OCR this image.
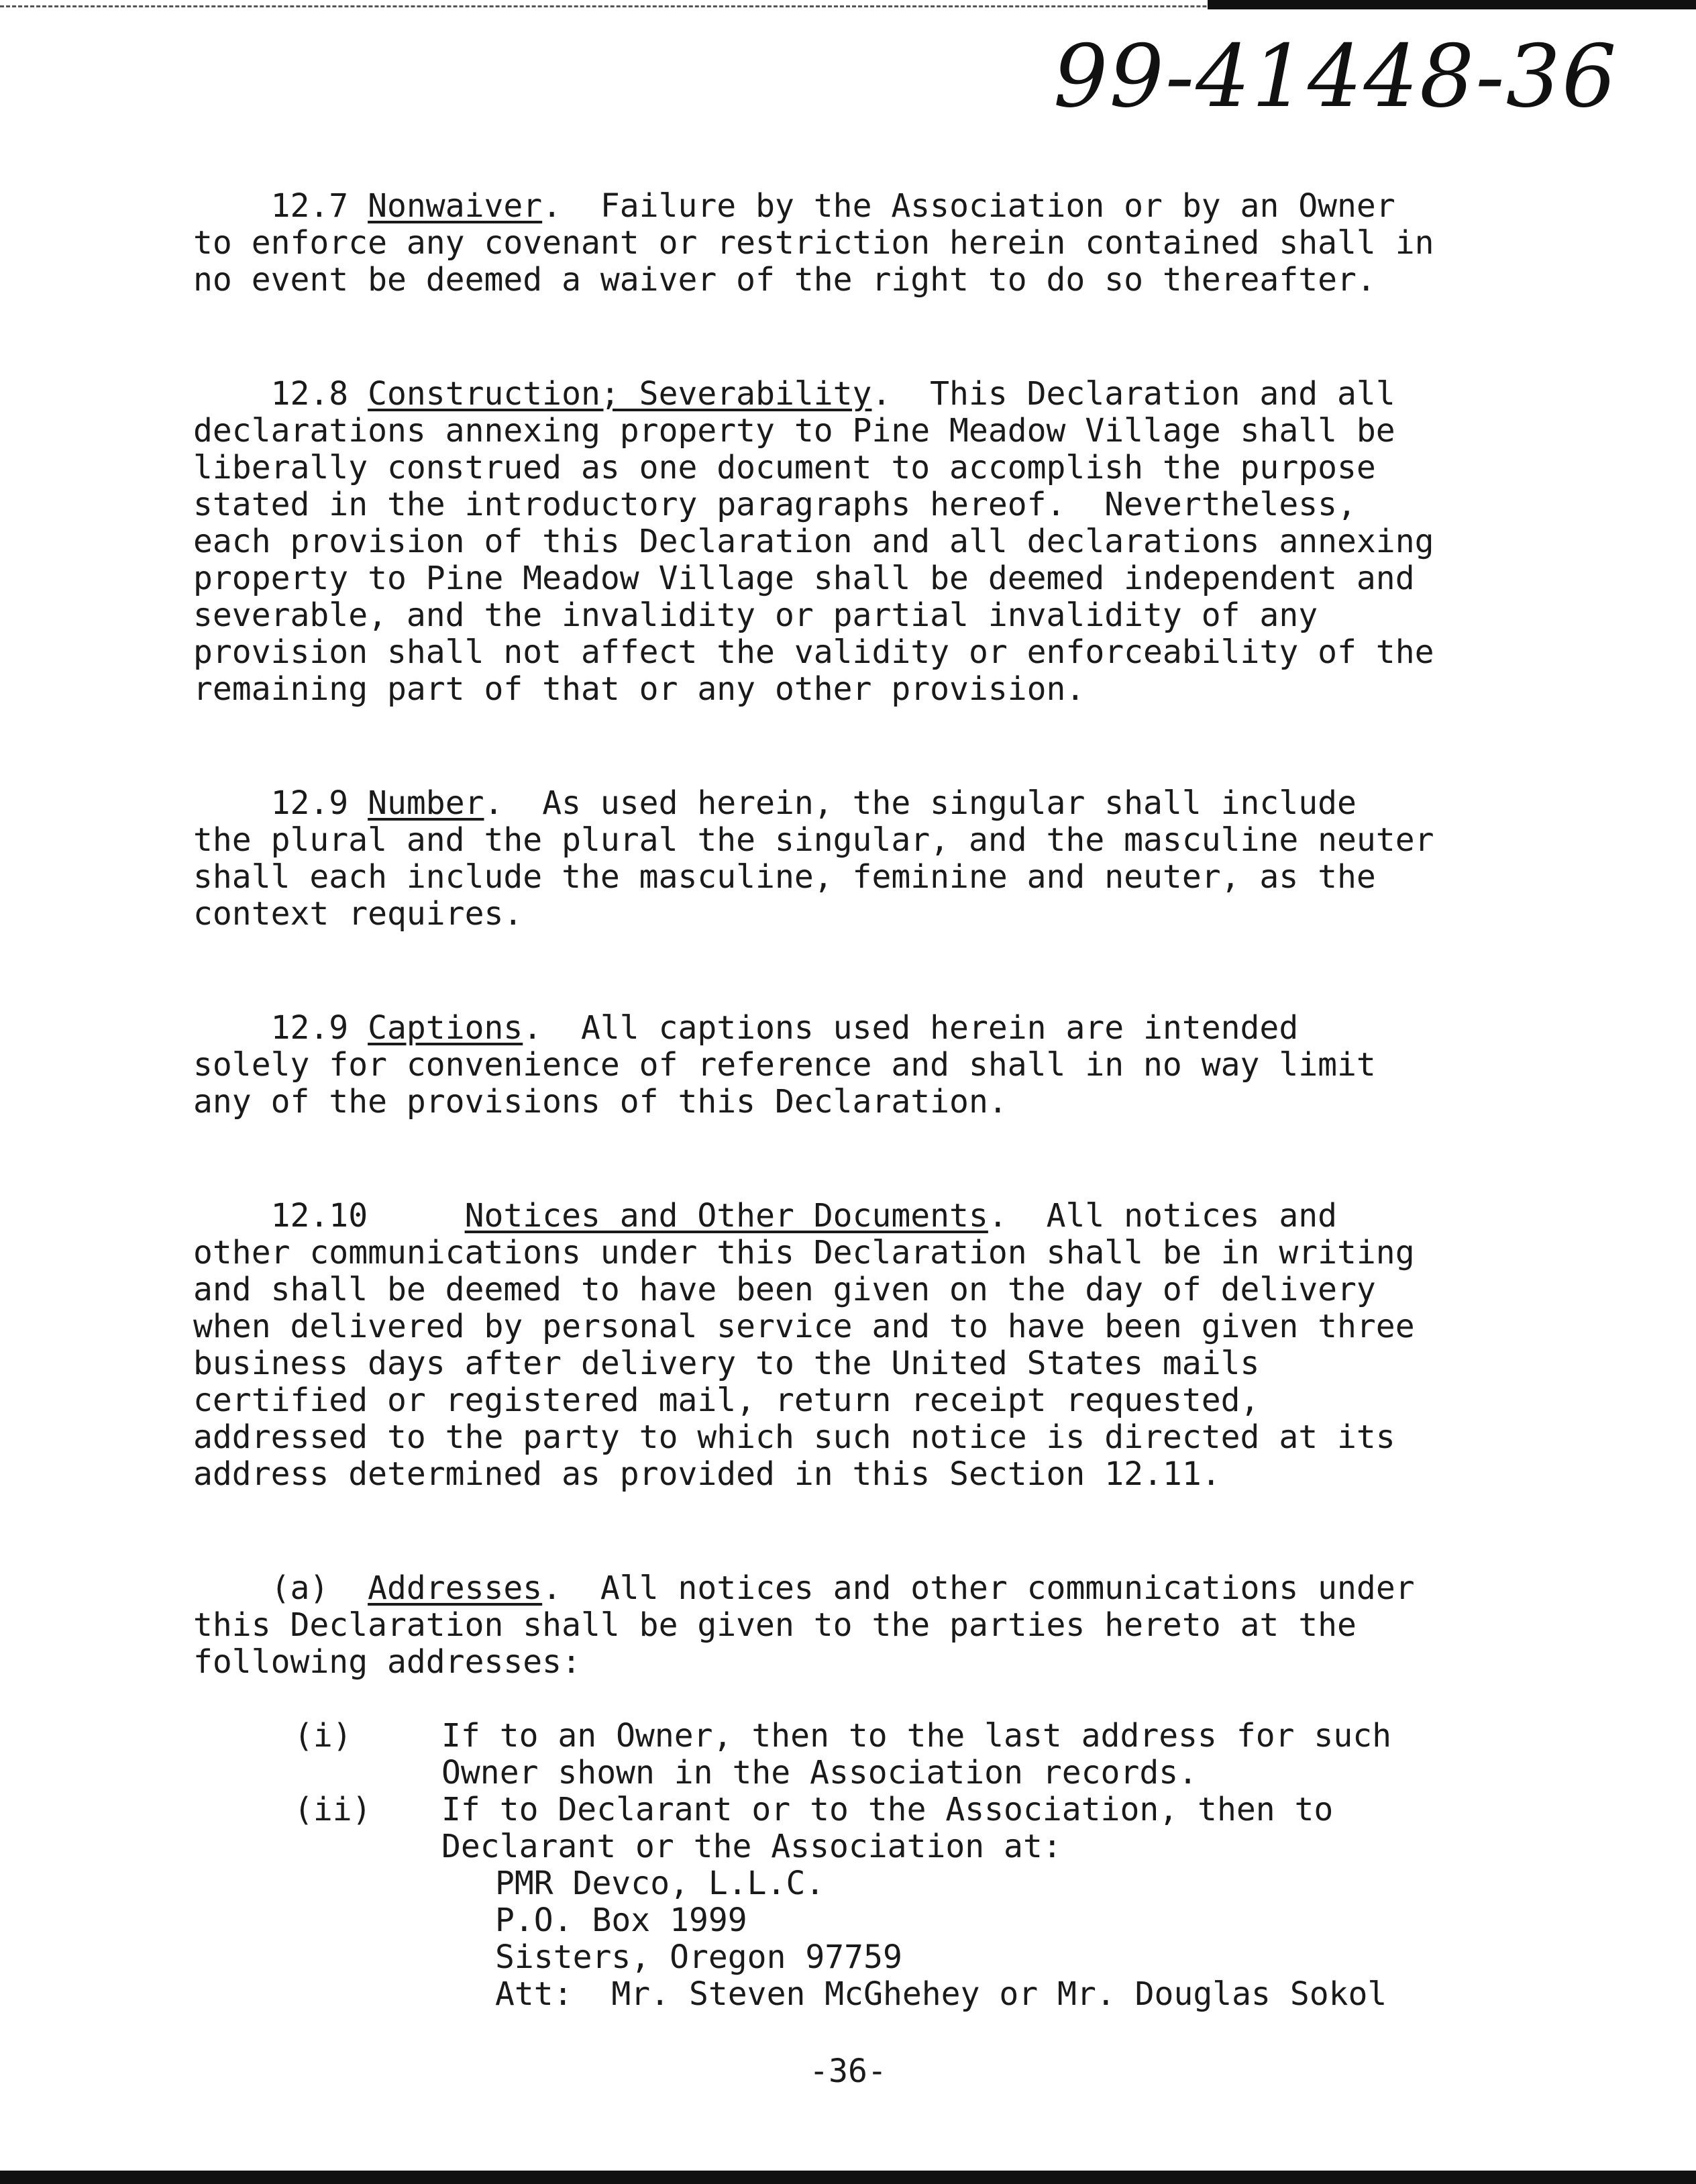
99-41448-36
12.7 Nonwaiver.  Failure by the Association or by an Owner
to enforce any covenant or restriction herein contained shall in
no event be deemed a waiver of the right to do so thereafter.
12.8 Construction; Severability.  This Declaration and all
declarations annexing property to Pine Meadow Village shall be
liberally construed as one document to accomplish the purpose
stated in the introductory paragraphs hereof.  Nevertheless,
each provision of this Declaration and all declarations annexing
property to Pine Meadow Village shall be deemed independent and
severable, and the invalidity or partial invalidity of any
provision shall not affect the validity or enforceability of the
remaining part of that or any other provision.
12.9 Number.  As used herein, the singular shall include
the plural and the plural the singular, and the masculine neuter
shall each include the masculine, feminine and neuter, as the
context requires.
12.9 Captions.  All captions used herein are intended
solely for convenience of reference and shall in no way limit
any of the provisions of this Declaration.
12.10	Notices and Other Documents.  All notices and
other communications under this Declaration shall be in writing
and shall be deemed to have been given on the day of delivery
when delivered by personal service and to have been given three
business days after delivery to the United States mails
certified or registered mail, return receipt requested,
addressed to the party to which such notice is directed at its
address determined as provided in this Section 12.11.
(a) Addresses.  All notices and other communications under
this Declaration shall be given to the parties hereto at the
following addresses:
(i)	If to an Owner, then to the last address for such
Owner shown in the Association records.
(ii)	If to Declarant or to the Association, then to
Declarant or the Association at:
PMR Devco, L.L.C.
P.O. Box 1999
Sisters, Oregon 97759
Att:  Mr. Steven McGhehey or Mr. Douglas Sokol
-36-
